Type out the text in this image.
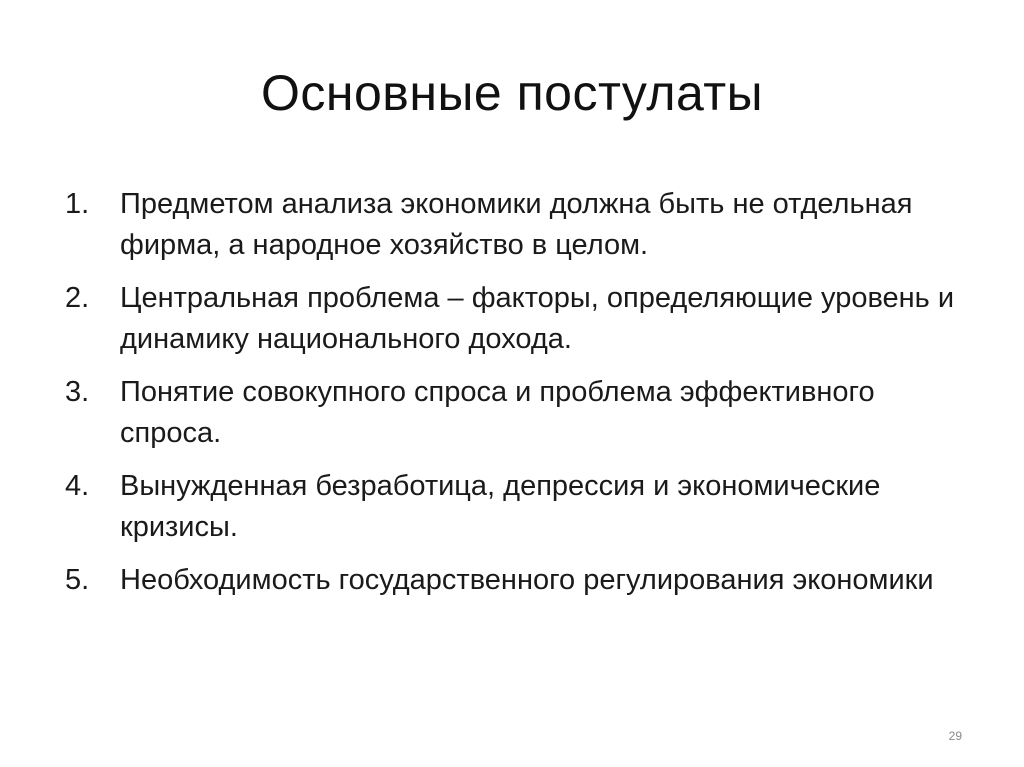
Основные постулаты
1. Предметом анализа экономики должна быть не отдельная фирма, а народное хозяйство в целом.
2. Центральная проблема – факторы, определяющие уровень и динамику национального дохода.
3. Понятие совокупного спроса и проблема эффективного спроса.
4. Вынужденная безработица, депрессия и экономические кризисы.
5. Необходимость государственного регулирования экономики
29
